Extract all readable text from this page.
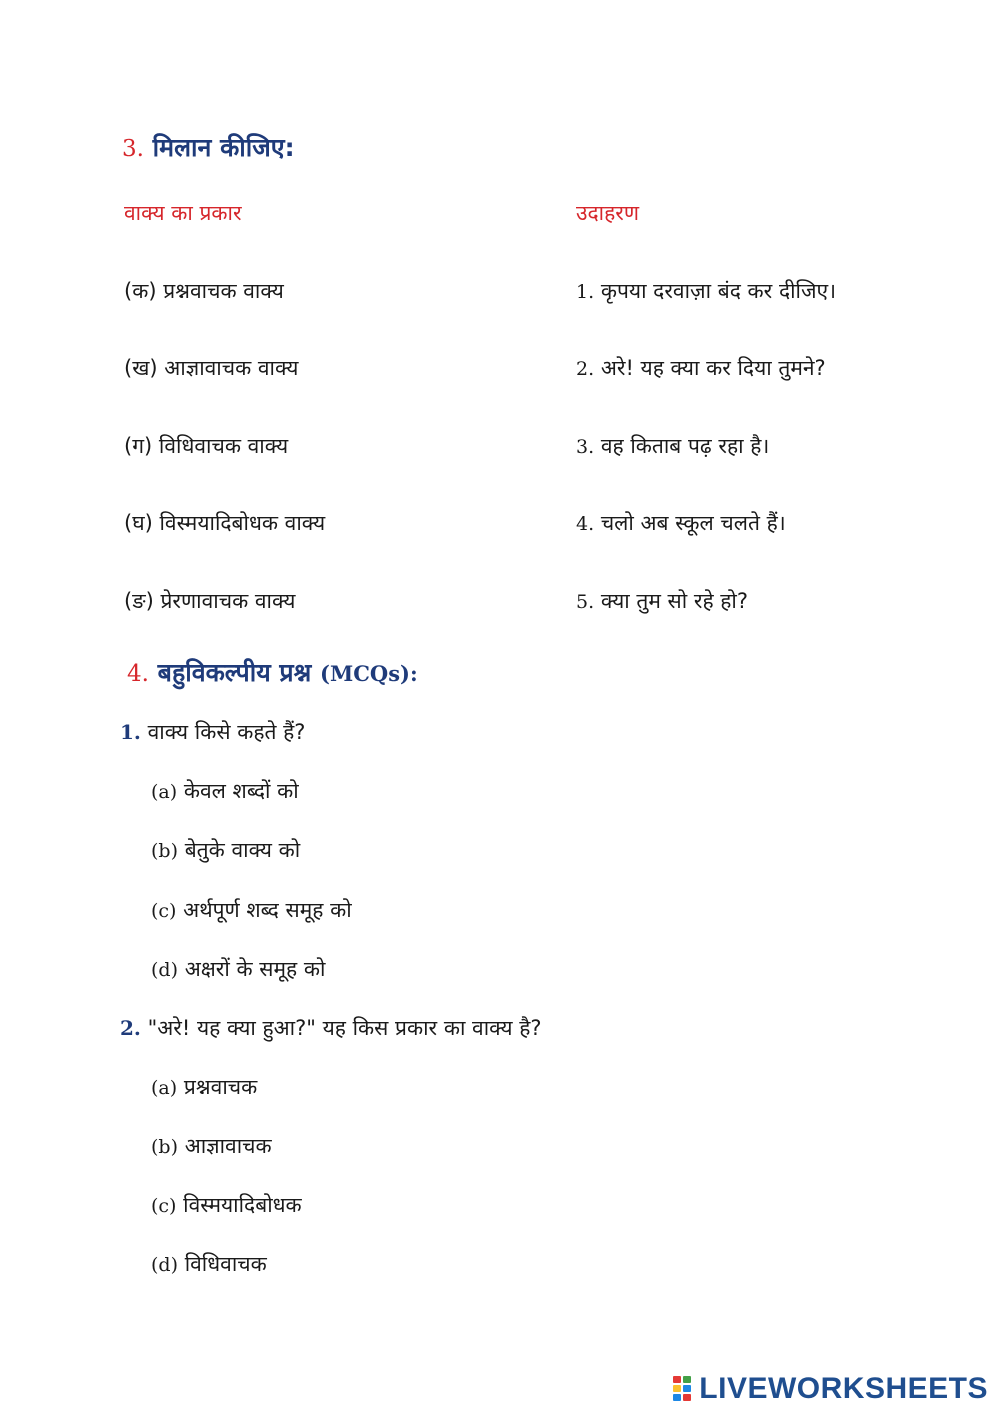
3. मिलान कीजिए:
वाक्य का प्रकार	उदाहरण
(क) प्रश्नवाचक वाक्य
(ख) आज्ञावाचक वाक्य
(ग) विधिवाचक वाक्य
(घ) विस्मयादिबोधक वाक्य
(ङ) प्रेरणावाचक वाक्य
1. कृपया दरवाज़ा बंद कर दीजिए।
2. अरे! यह क्या कर दिया तुमने?
3. वह किताब पढ़ रहा है।
4. चलो अब स्कूल चलते हैं।
5. क्या तुम सो रहे हो?
4. बहुविकल्पीय प्रश्न (MCQs):
1. वाक्य किसे कहते हैं?
(a) केवल शब्दों को
(b) बेतुके वाक्य को
(c) अर्थपूर्ण शब्द समूह को
(d) अक्षरों के समूह को
2. "अरे! यह क्या हुआ?" यह किस प्रकार का वाक्य है?
(a) प्रश्नवाचक
(b) आज्ञावाचक
(c) विस्मयादिबोधक
(d) विधिवाचक
LIVEWORKSHEETS
